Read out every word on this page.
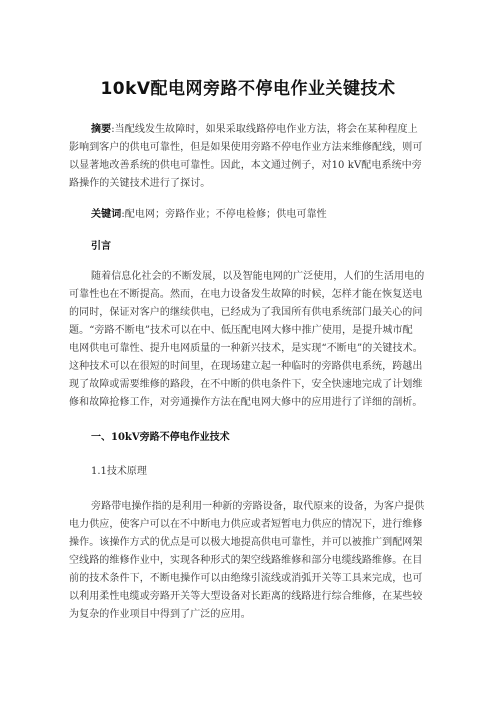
10kV配电网旁路不停电作业关键技术
摘要:当配线发生故障时，如果采取线路停电作业方法，将会在某种程度上
影响到客户的供电可靠性，但是如果使用旁路不停电作业方法来维修配线，则可
以显著地改善系统的供电可靠性。因此，本文通过例子，对10 kV配电系统中旁
路操作的关键技术进行了探讨。
关键词:配电网；旁路作业；不停电检修；供电可靠性
引言
随着信息化社会的不断发展，以及智能电网的广泛使用，人们的生活用电的
可靠性也在不断提高。然而，在电力设备发生故障的时候，怎样才能在恢复送电
的同时，保证对客户的继续供电，已经成为了我国所有供电系统部门最关心的问
题。“旁路不断电”技术可以在中、低压配电网大修中推广使用，是提升城市配
电网供电可靠性、提升电网质量的一种新兴技术，是实现“不断电”的关键技术。
这种技术可以在很短的时间里，在现场建立起一种临时的旁路供电系统，跨越出
现了故障或需要维修的路段，在不中断的供电条件下，安全快速地完成了计划维
修和故障抢修工作，对旁通操作方法在配电网大修中的应用进行了详细的剖析。
一、10kV旁路不停电作业技术
1.1技术原理
旁路带电操作指的是利用一种新的旁路设备，取代原来的设备，为客户提供
电力供应，使客户可以在不中断电力供应或者短暂电力供应的情况下，进行维修
操作。该操作方式的优点是可以极大地提高供电可靠性，并可以被推广到配网架
空线路的维修作业中，实现各种形式的架空线路维修和部分电缆线路维修。在目
前的技术条件下，不断电操作可以由绝缘引流线或消弧开关等工具来完成，也可
以利用柔性电缆或旁路开关等大型设备对长距离的线路进行综合维修，在某些较
为复杂的作业项目中得到了广泛的应用。
